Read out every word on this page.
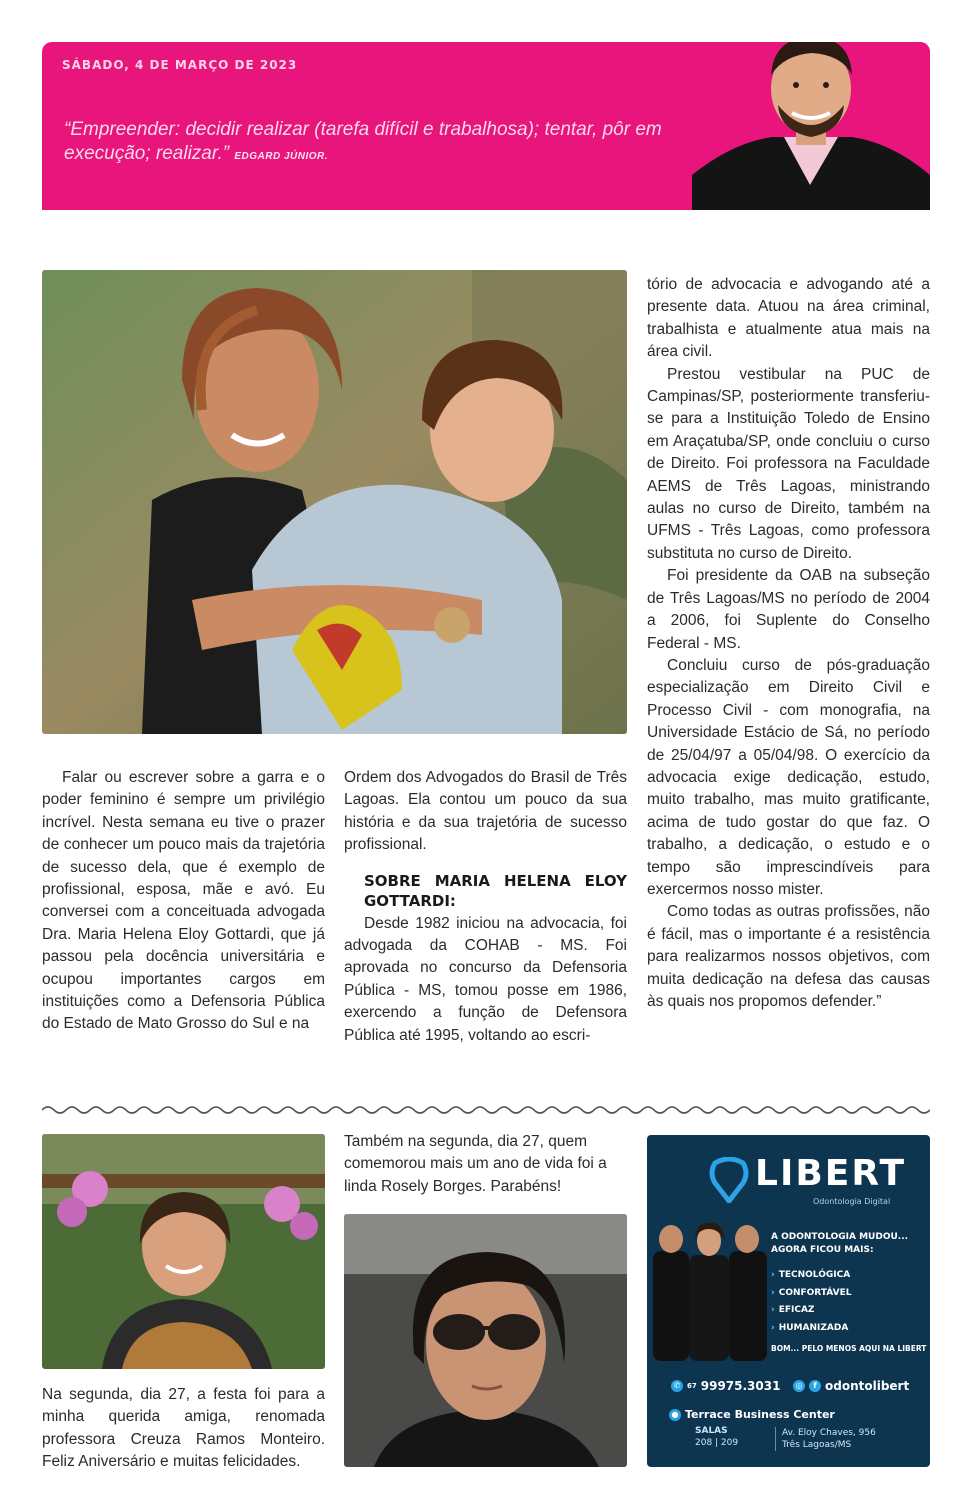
SÁBADO, 4 DE MARÇO DE 2023
“Empreender: decidir realizar (tarefa difícil e trabalhosa); tentar, pôr em execução; realizar.” EDGARD JÚNIOR.

Falar ou escrever sobre a garra e o poder feminino é sempre um privilégio incrível. Nesta semana eu tive o prazer de conhecer um pouco mais da trajetória de sucesso dela, que é exemplo de profissional, esposa, mãe e avó. Eu conversei com a conceituada advogada Dra. Maria Helena Eloy Gottardi, que já passou pela docência universitária e ocupou importantes cargos em instituições como a Defensoria Pública do Estado de Mato Grosso do Sul e na

Ordem dos Advogados do Brasil de Três Lagoas. Ela contou um pouco da sua história e da sua trajetória de sucesso profissional.

SOBRE MARIA HELENA ELOY GOTTARDI:

Desde 1982 iniciou na advocacia, foi advogada da COHAB - MS. Foi aprovada no concurso da Defensoria Pública - MS, tomou posse em 1986, exercendo a função de Defensora Pública até 1995, voltando ao escri-

tório de advocacia e advogando até a presente data. Atuou na área criminal, trabalhista e atualmente atua mais na área civil.

Prestou vestibular na PUC de Campinas/SP, posteriormente transferiu-se para a Instituição Toledo de Ensino em Araçatuba/SP, onde concluiu o curso de Direito. Foi professora na Faculdade AEMS de Três Lagoas, ministrando aulas no curso de Direito, também na UFMS - Três Lagoas, como professora substituta no curso de Direito.

Foi presidente da OAB na subseção de Três Lagoas/MS no período de 2004 a 2006, foi Suplente do Conselho Federal - MS.

Concluiu curso de pós-graduação especialização em Direito Civil e Processo Civil - com monografia, na Universidade Estácio de Sá, no período de 25/04/97 a 05/04/98. O exercício da advocacia exige dedicação, estudo, muito trabalho, mas muito gratificante, acima de tudo gostar do que faz. O trabalho, a dedicação, o estudo e o tempo são imprescindíveis para exercermos nosso mister.

Como todas as outras profissões, não é fácil, mas o importante é a resistência para realizarmos nossos objetivos, com muita dedicação na defesa das causas às quais nos propomos defender.”

Na segunda, dia 27, a festa foi para a minha querida amiga, renomada professora Creuza Ramos Monteiro. Feliz Aniversário e muitas felicidades.
Também na segunda, dia 27, quem comemorou mais um ano de vida foi a linda Rosely Borges. Parabéns!	LIBERT
Odontologia Digital
A ODONTOLOGIA MUDOU... AGORA FICOU MAIS:
› TECNOLÓGICA
› CONFORTÁVEL
› EFICAZ
› HUMANIZADA
BOM... PELO MENOS AQUI NA LIBERT
✆ 67 99975.3031	◎	f odontolibert
● Terrace Business Center
SALAS
208 | 209
Av. Eloy Chaves, 956
Três Lagoas/MS
